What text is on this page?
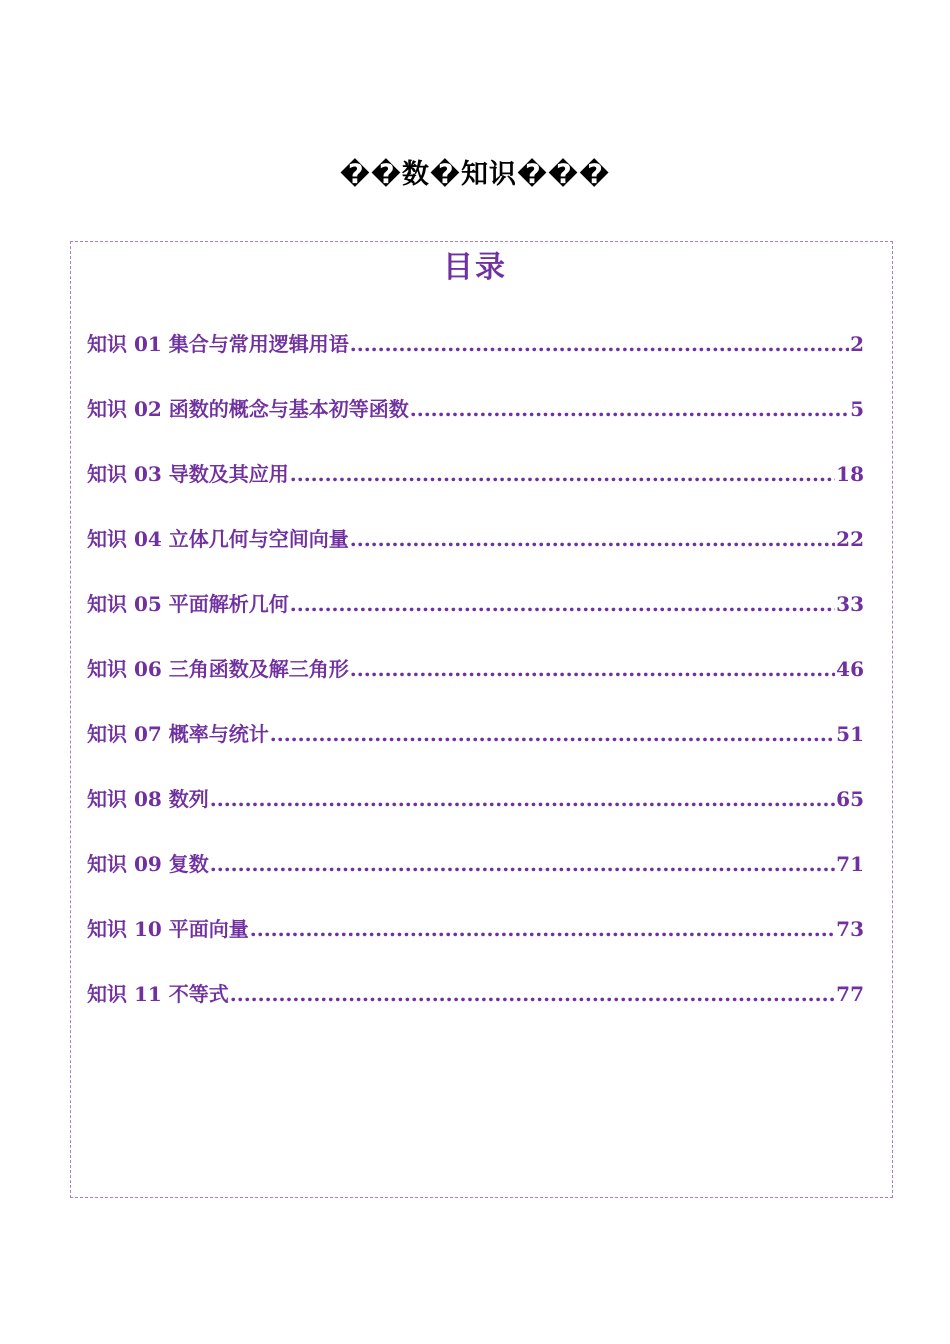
��数�知识���
目录
知识 01 集合与常用逻辑用语 .....	2
知识 02 函数的概念与基本初等函数 .....	5
知识 03 导数及其应用 .....	18
知识 04 立体几何与空间向量 .....	22
知识 05 平面解析几何 .....	33
知识 06 三角函数及解三角形 .....	46
知识 07 概率与统计 .....	51
知识 08 数列 .....	65
知识 09 复数 .....	71
知识 10 平面向量 .....	73
知识 11 不等式 .....	77
